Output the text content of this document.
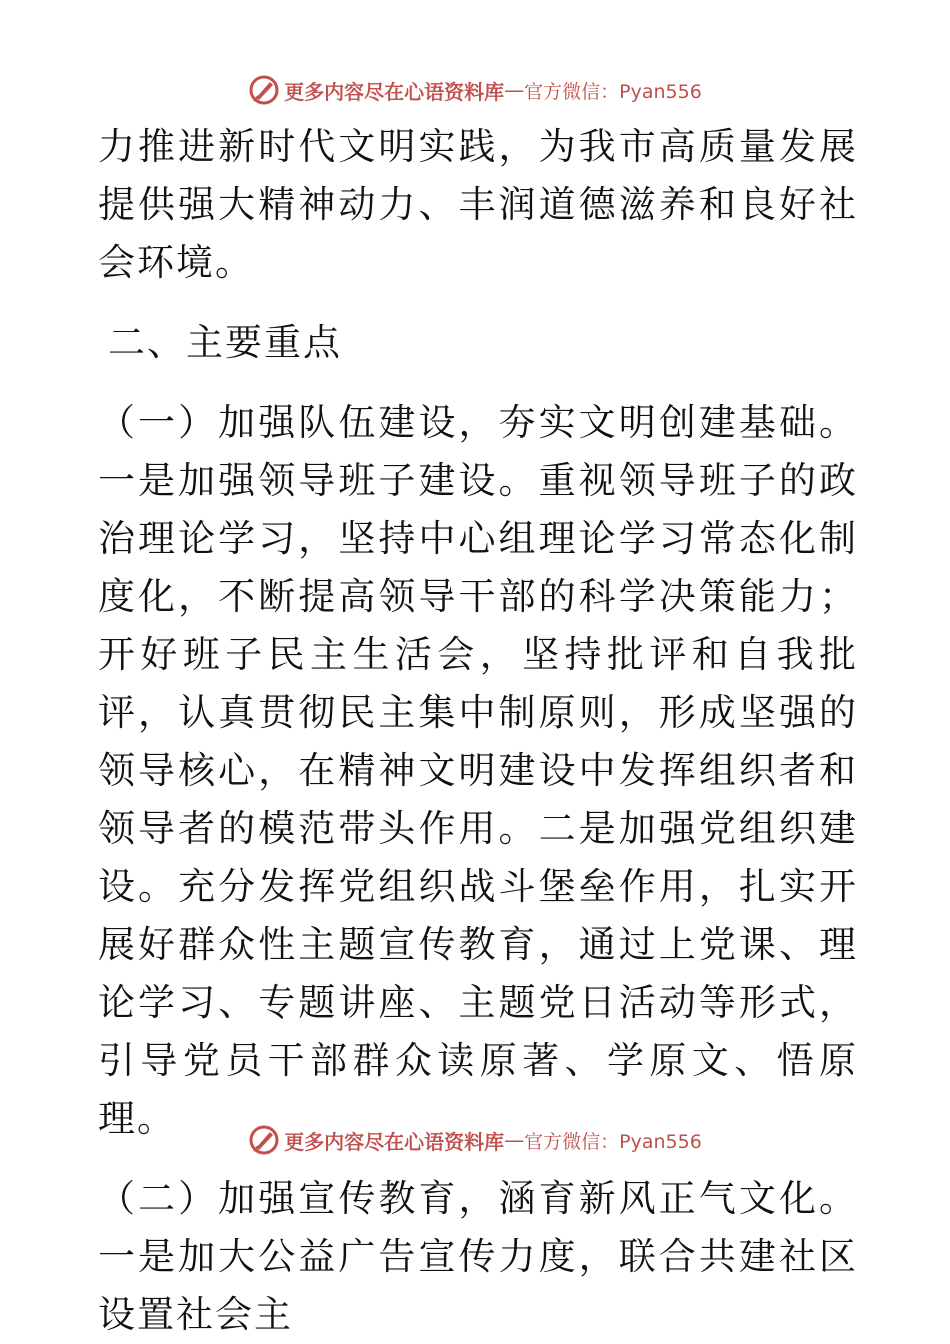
更多内容尽在心语资料库 — 官方微信：Pyan556

力推进新时代文明实践，为我市高质量发展提供强大精神动力、丰润道德滋养和良好社会环境。

二、主要重点

（一）加强队伍建设，夯实文明创建基础。一是加强领导班子建设。重视领导班子的政治理论学习，坚持中心组理论学习常态化制度化，不断提高领导干部的科学决策能力；开好班子民主生活会，坚持批评和自我批评，认真贯彻民主集中制原则，形成坚强的领导核心，在精神文明建设中发挥组织者和领导者的模范带头作用。二是加强党组织建设。充分发挥党组织战斗堡垒作用，扎实开展好群众性主题宣传教育，通过上党课、理论学习、专题讲座、主题党日活动等形式，引导党员干部群众读原著、学原文、悟原理。

（二）加强宣传教育，涵育新风正气文化。一是加大公益广告宣传力度，联合共建社区设置社会主

更多内容尽在心语资料库 — 官方微信：Pyan556
